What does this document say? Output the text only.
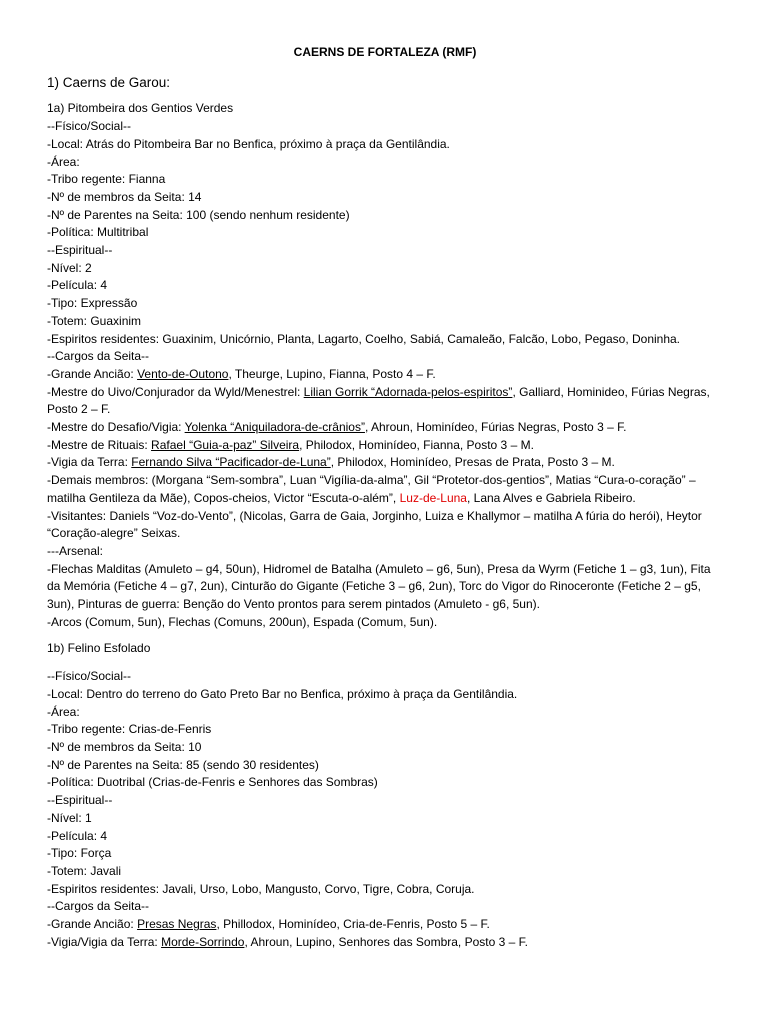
CAERNS DE FORTALEZA (RMF)
1) Caerns de Garou:
1a) Pitombeira dos Gentios Verdes
--Físico/Social--
-Local: Atrás do Pitombeira Bar no Benfica, próximo à praça da Gentilândia.
-Área:
-Tribo regente: Fianna
-Nº de membros da Seita: 14
-Nº de Parentes na Seita: 100 (sendo nenhum residente)
-Política: Multitribal
--Espiritual--
-Nível: 2
-Película: 4
-Tipo: Expressão
-Totem: Guaxinim
-Espiritos residentes: Guaxinim, Unicórnio, Planta, Lagarto, Coelho, Sabiá, Camaleão, Falcão, Lobo, Pegaso, Doninha.
--Cargos da Seita--
-Grande Ancião: Vento-de-Outono, Theurge, Lupino, Fianna, Posto 4 – F.
-Mestre do Uivo/Conjurador da Wyld/Menestrel: Lilian Gorrik “Adornada-pelos-espiritos”, Galliard, Hominideo, Fúrias Negras, Posto 2 – F.
-Mestre do Desafio/Vigia: Yolenka “Aniquiladora-de-crânios”, Ahroun, Hominídeo, Fúrias Negras, Posto 3 – F.
-Mestre de Rituais: Rafael “Guia-a-paz” Silveira, Philodox, Hominídeo, Fianna, Posto 3 – M.
-Vigia da Terra: Fernando Silva “Pacificador-de-Luna”, Philodox, Hominídeo, Presas de Prata, Posto 3 – M.
-Demais membros: (Morgana “Sem-sombra”, Luan “Vigília-da-alma”, Gil “Protetor-dos-gentios”, Matias “Cura-o-coração” – matilha Gentileza da Mãe), Copos-cheios, Victor “Escuta-o-além”, Luz-de-Luna, Lana Alves e Gabriela Ribeiro.
-Visitantes: Daniels “Voz-do-Vento”, (Nicolas, Garra de Gaia, Jorginho, Luiza e Khallymor – matilha A fúria do herói), Heytor “Coração-alegre” Seixas.
---Arsenal:
-Flechas Malditas (Amuleto – g4, 50un), Hidromel de Batalha (Amuleto – g6, 5un), Presa da Wyrm (Fetiche 1 – g3, 1un), Fita da Memória (Fetiche 4 – g7, 2un), Cinturão do Gigante (Fetiche 3 – g6, 2un), Torc do Vigor do Rinoceronte (Fetiche 2 – g5, 3un), Pinturas de guerra: Benção do Vento prontos para serem pintados (Amuleto - g6, 5un).
-Arcos (Comum, 5un), Flechas (Comuns, 200un), Espada (Comum, 5un).
1b) Felino Esfolado
--Físico/Social--
-Local: Dentro do terreno do Gato Preto Bar no Benfica, próximo à praça da Gentilândia.
-Área:
-Tribo regente: Crias-de-Fenris
-Nº de membros da Seita: 10
-Nº de Parentes na Seita: 85 (sendo 30 residentes)
-Política: Duotribal (Crias-de-Fenris e Senhores das Sombras)
--Espiritual--
-Nível: 1
-Película: 4
-Tipo: Força
-Totem: Javali
-Espiritos residentes: Javali, Urso, Lobo, Mangusto, Corvo, Tigre, Cobra, Coruja.
--Cargos da Seita--
-Grande Ancião: Presas Negras, Phillodox, Hominídeo, Cria-de-Fenris, Posto 5 – F.
-Vigia/Vigia da Terra: Morde-Sorrindo, Ahroun, Lupino, Senhores das Sombra, Posto 3 – F.
